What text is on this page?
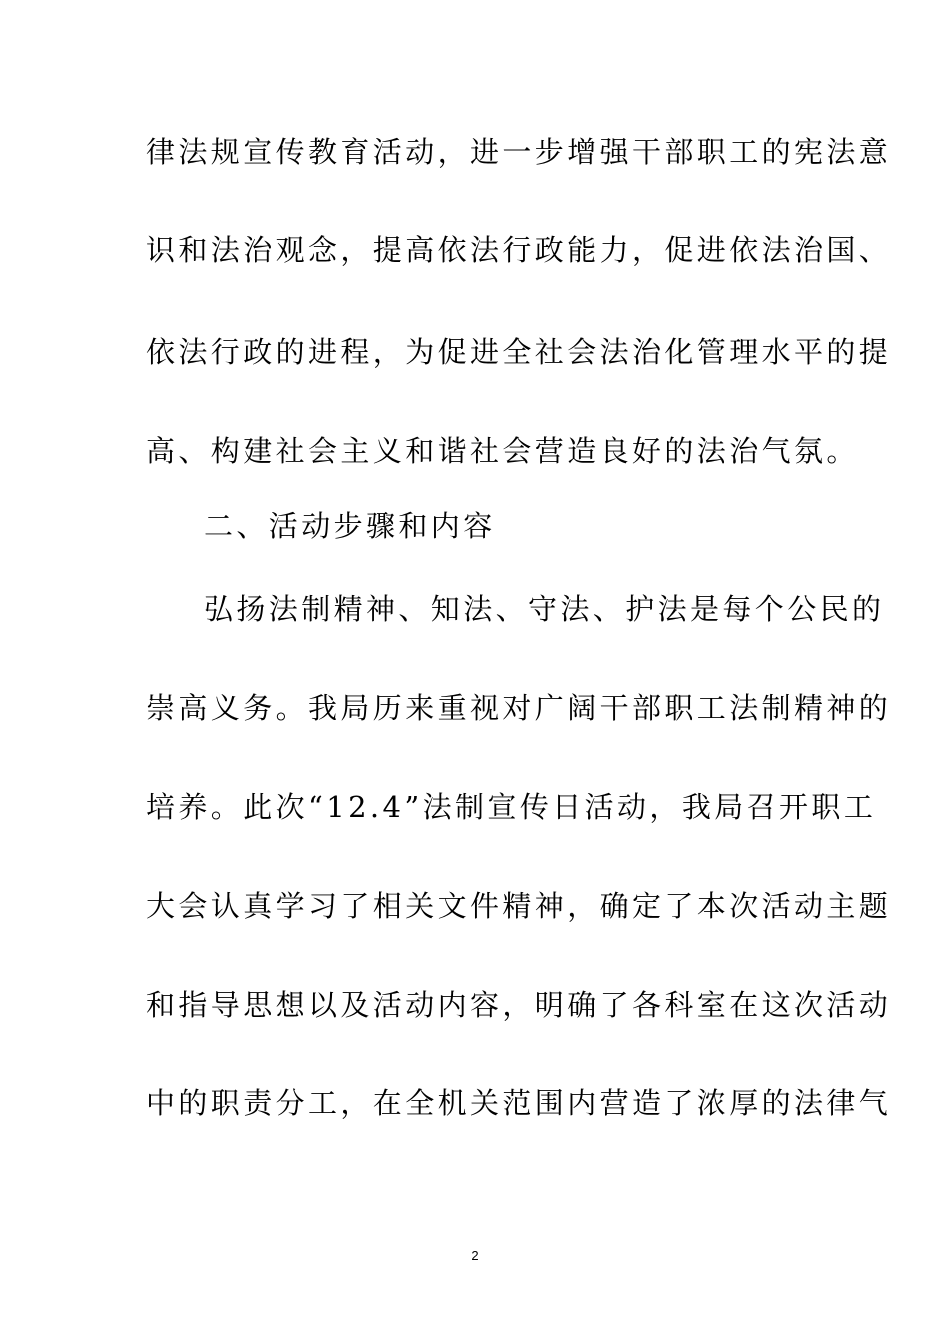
律法规宣传教育活动，进一步增强干部职工的宪法意
识和法治观念，提高依法行政能力，促进依法治国、
依法行政的进程，为促进全社会法治化管理水平的提
高、构建社会主义和谐社会营造良好的法治气氛。
二、活动步骤和内容
弘扬法制精神、知法、守法、护法是每个公民的
崇高义务。我局历来重视对广阔干部职工法制精神的
培养。此次“12.4”法制宣传日活动，我局召开职工
大会认真学习了相关文件精神，确定了本次活动主题
和指导思想以及活动内容，明确了各科室在这次活动
中的职责分工，在全机关范围内营造了浓厚的法律气
2
